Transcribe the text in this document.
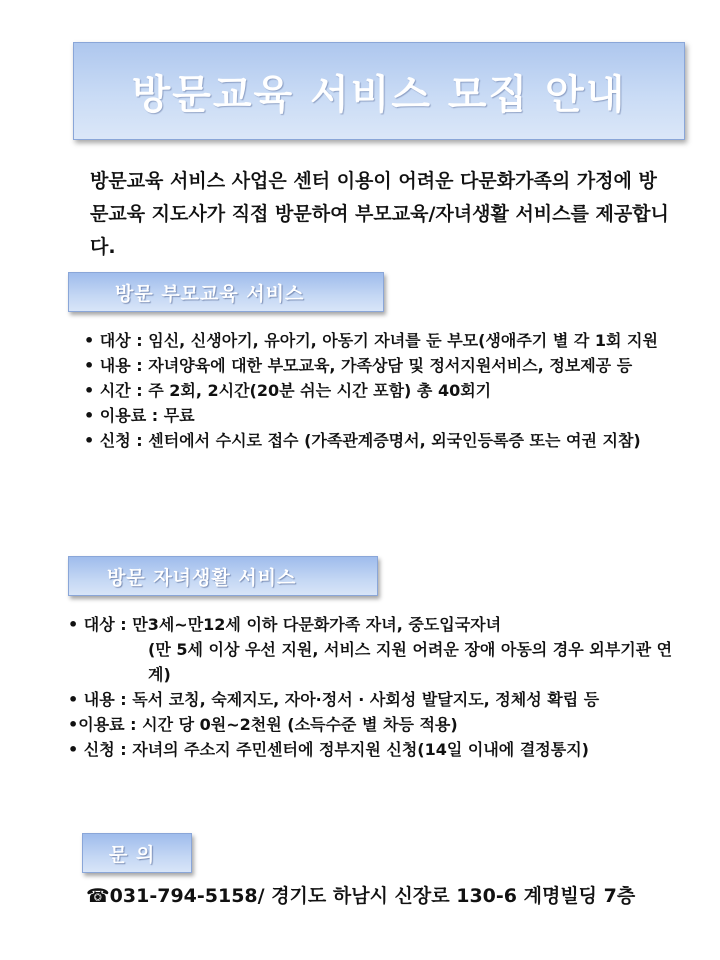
방문교육 서비스 모집 안내
방문교육 서비스 사업은 센터 이용이 어려운 다문화가족의 가정에 방문교육 지도사가 직접 방문하여 부모교육/자녀생활 서비스를 제공합니다.
방문 부모교육 서비스

• 대상 : 임신, 신생아기, 유아기, 아동기 자녀를 둔 부모(생애주기 별 각 1회 지원

• 내용 : 자녀양육에 대한 부모교육, 가족상담 및 정서지원서비스, 정보제공 등

• 시간 : 주 2회, 2시간(20분 쉬는 시간 포함) 총 40회기

• 이용료 : 무료

• 신청 : 센터에서 수시로 접수 (가족관계증명서, 외국인등록증 또는 여권 지참)

방문 자녀생활 서비스

• 대상 : 만3세~만12세 이하 다문화가족 자녀, 중도입국자녀

(만 5세 이상 우선 지원, 서비스 지원 어려운 장애 아동의 경우 외부기관 연계)

• 내용 : 독서 코칭, 숙제지도, 자아·정서 · 사회성 발달지도, 정체성 확립 등

•이용료 : 시간 당 0원~2천원 (소득수준 별 차등 적용)

• 신청 : 자녀의 주소지 주민센터에 정부지원 신청(14일 이내에 결정통지)

문 의
☎031-794-5158/ 경기도 하남시 신장로 130-6 계명빌딩 7층
